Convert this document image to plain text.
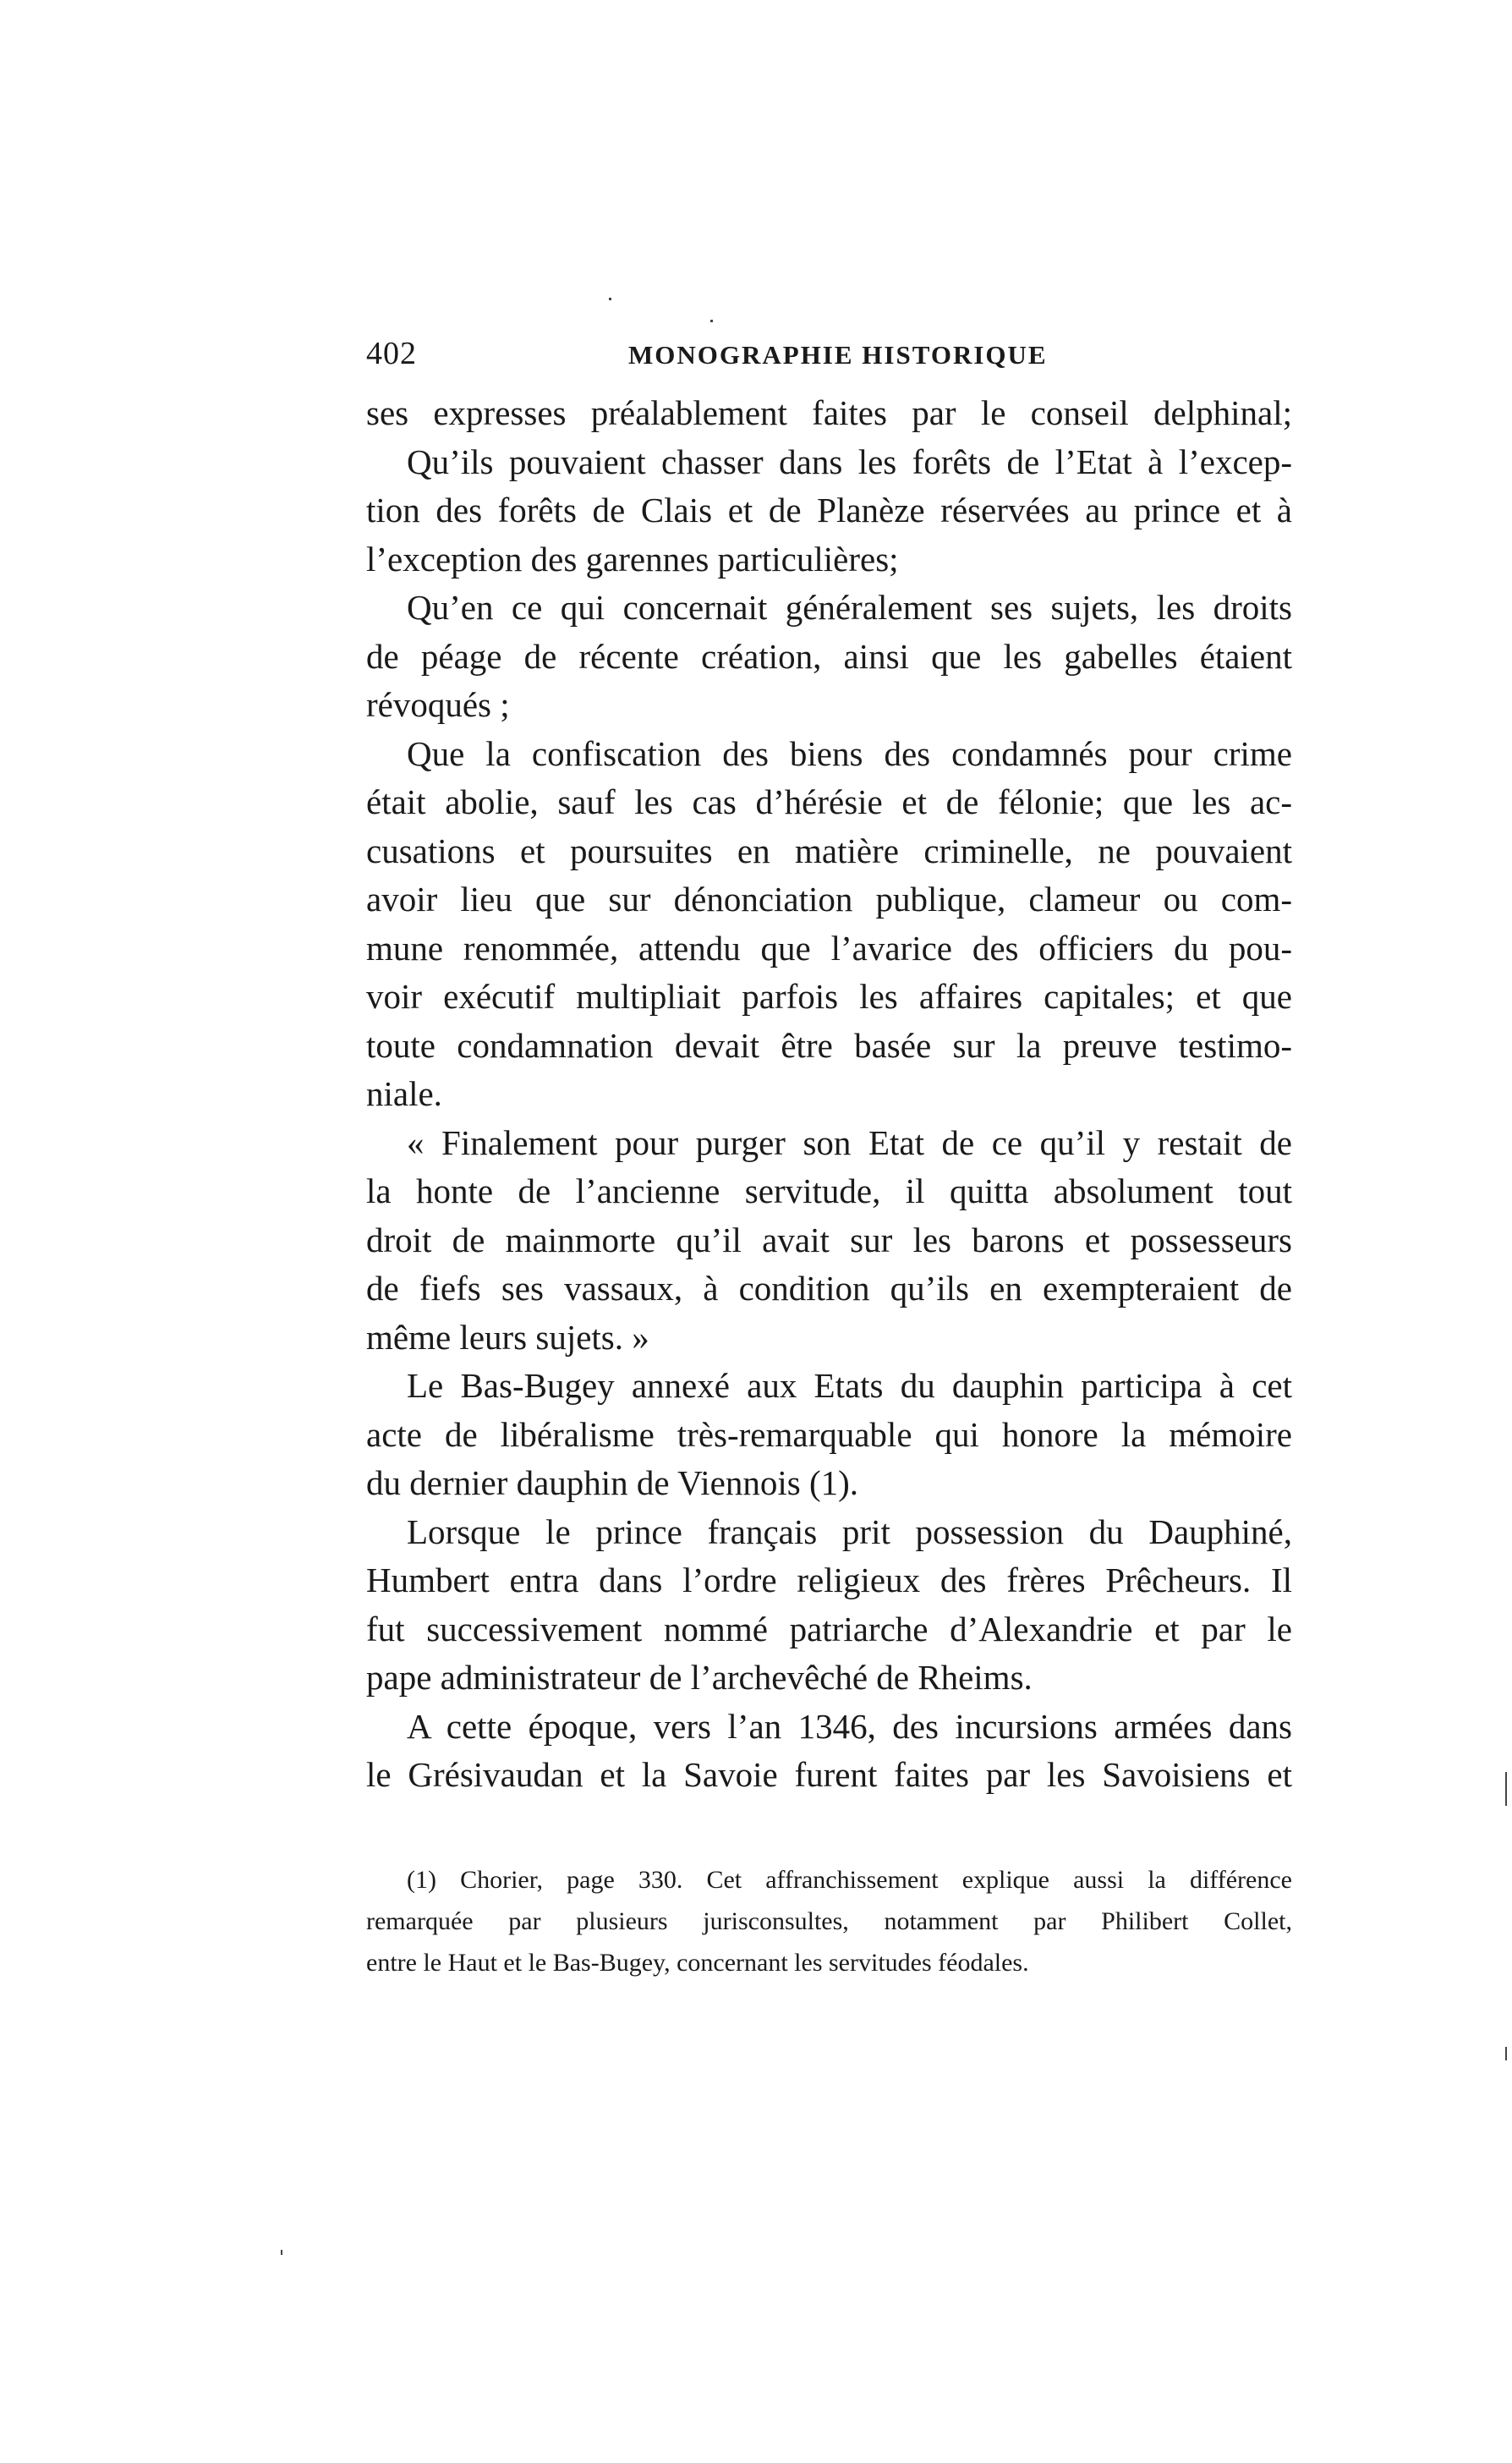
402	MONOGRAPHIE HISTORIQUE
ses expresses préalablement faites par le conseil delphinal;
Qu’ils pouvaient chasser dans les forêts de l’Etat à l’excep-
tion des forêts de Clais et de Planèze réservées au prince et à
l’exception des garennes particulières;
Qu’en ce qui concernait généralement ses sujets, les droits
de péage de récente création, ainsi que les gabelles étaient
révoqués ;
Que la confiscation des biens des condamnés pour crime
était abolie, sauf les cas d’hérésie et de félonie; que les ac-
cusations et poursuites en matière criminelle, ne pouvaient
avoir lieu que sur dénonciation publique, clameur ou com-
mune renommée, attendu que l’avarice des officiers du pou-
voir exécutif multipliait parfois les affaires capitales; et que
toute condamnation devait être basée sur la preuve testimo-
niale.
« Finalement pour purger son Etat de ce qu’il y restait de
la honte de l’ancienne servitude, il quitta absolument tout
droit de mainmorte qu’il avait sur les barons et possesseurs
de fiefs ses vassaux, à condition qu’ils en exempteraient de
même leurs sujets. »
Le Bas-Bugey annexé aux Etats du dauphin participa à cet
acte de libéralisme très-remarquable qui honore la mémoire
du dernier dauphin de Viennois (1).
Lorsque le prince français prit possession du Dauphiné,
Humbert entra dans l’ordre religieux des frères Prêcheurs. Il
fut successivement nommé patriarche d’Alexandrie et par le
pape administrateur de l’archevêché de Rheims.
A cette époque, vers l’an 1346, des incursions armées dans
le Grésivaudan et la Savoie furent faites par les Savoisiens et
(1) Chorier, page 330. Cet affranchissement explique aussi la différence
remarquée par plusieurs jurisconsultes, notamment par Philibert Collet,
entre le Haut et le Bas-Bugey, concernant les servitudes féodales.
